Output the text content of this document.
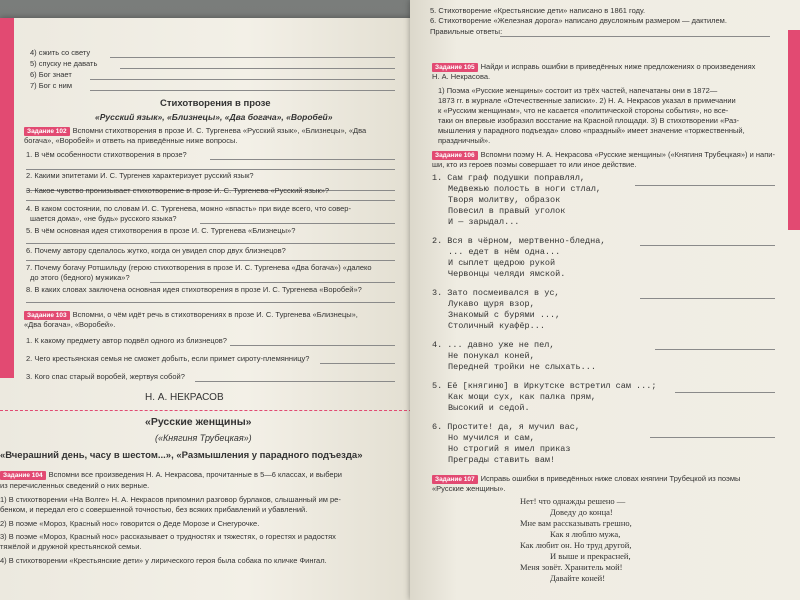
4) сжить со свету
5) спуску не давать
6) Бог знает
7) Бог с ним
Стихотворения в прозе
«Русский язык», «Близнецы», «Два богача», «Воробей»
Задание 102 Вспомни стихотворения в прозе И. С. Тургенева «Русский язык», «Близнецы», «Два
богача», «Воробей» и ответь на приведённые ниже вопросы.
1. В чём особенности стихотворения в прозе?
2. Какими эпитетами И. С. Тургенев характеризует русский язык?
3. Какое чувство пронизывает стихотворение в прозе И. С. Тургенева «Русский язык»?
4. В каком состоянии, по словам И. С. Тургенева, можно «впасть» при виде всего, что совер-
шается дома», «не будь» русского языка?
5. В чём основная идея стихотворения в прозе И. С. Тургенева «Близнецы»?
6. Почему автору сделалось жутко, когда он увидел спор двух близнецов?
7. Почему богачу Ротшильду (герою стихотворения в прозе И. С. Тургенева «Два богача») «далеко
до этого (бедного) мужика»?
8. В каких словах заключена основная идея стихотворения в прозе И. С. Тургенева «Воробей»?
Задание 103 Вспомни, о чём идёт речь в стихотворениях в прозе И. С. Тургенева «Близнецы»,
«Два богача», «Воробей».
1. К какому предмету автор подвёл одного из близнецов?
2. Чего крестьянская семья не сможет добыть, если примет сироту-племянницу?
3. Кого спас старый воробей, жертвуя собой?
Н. А. НЕКРАСОВ
«Русские женщины»
(«Княгиня Трубецкая»)
«Вчерашний день, часу в шестом...», «Размышления у парадного подъезда»
Задание 104 Вспомни все произведения Н. А. Некрасова, прочитанные в 5—6 классах, и выбери
из перечисленных сведений о них верные.
1) В стихотворении «На Волге» Н. А. Некрасов припомнил разговор бурлаков, слышанный им ре-
бенком, и передал его с совершенной точностью, без всяких прибавлений и убавлений.
2) В поэме «Мороз, Красный нос» говорится о Деде Морозе и Снегурочке.
3) В поэме «Мороз, Красный нос» рассказывает о трудностях и тяжестях, о горестях и радостях
тяжёлой и дружной крестьянской семьи.
4) В стихотворении «Крестьянские дети» у лирического героя была собака по кличке Фингал.
5. Стихотворение «Крестьянские дети» написано в 1861 году.
6. Стихотворение «Железная дорога» написано двусложным размером — дактилем.
Правильные ответы:
Задание 105 Найди и исправь ошибки в приведённых ниже предложениях о произведениях
Н. А. Некрасова.
1) Поэма «Русские женщины» состоит из трёх частей, напечатаны они в 1872—
1873 гг. в журнале «Отечественные записки». 2) Н. А. Некрасов указал в примечании
к «Русским женщинам», что не касается «политической стороны события», но все-
таки он впервые изобразил восстание на Красной площади. 3) В стихотворении «Раз-
мышления у парадного подъезда» слово «праздный» имеет значение «торжественный,
праздничный».
Задание 106 Вспомни поэму Н. А. Некрасова «Русские женщины» («Княгиня Трубецкая») и напи-
ши, кто из героев поэмы совершает то или иное действие.
1. Сам граф подушки поправлял,
Медвежью полость в ноги стлал,
Творя молитву, образок
Повесил в правый уголок
И — зарыдал...
2. Вся в чёрном, мертвенно-бледна,
... едет в нём одна...
И сыплет щедрою рукой
Червонцы челяди ямской.
3. Зато посмеивался в ус,
Лукаво щуря взор,
Знакомый с бурями ...,
Столичный куафёр...
4. ... давно уже не пел,
Не понукал коней,
Передней тройки не слыхать...
5. Её [княгиню] в Иркутске встретил сам ...;
Как мощи сух, как палка прям,
Высокий и седой.
6. Простите! да, я мучил вас,
Но мучился и сам,
Но строгий я имел приказ
Преграды ставить вам!
Задание 107 Исправь ошибки в приведённых ниже словах княгини Трубецкой из поэмы
«Русские женщины».
Нет! что однажды решено —
Доведу до конца!
Мне вам рассказывать грешно,
Как я люблю мужа,
Как любит он. Но труд другой,
И выше и прекрасней,
Меня зовёт. Хранитель мой!
Давайте коней!
